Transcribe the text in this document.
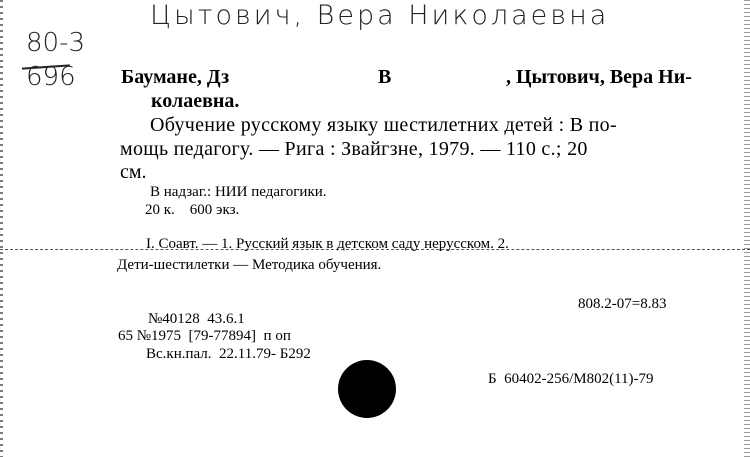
Цытович, Вера Николаевна
80-3
696 Бауманe, Дз	В	, Цытович, Вера Ни-
колаевна.
Обучение русскому языку шестилетних детей : В по-
мощь педагогу. — Рига : Звайгзне, 1979. — 110 с.; 20
см.
В надзаг.: НИИ педагогики.
20 к.    600 экз.
I. Соавт. — 1. Русский язык в детском саду нерусском. 2.
Дети-шестилетки — Методика обучения.
808.2-07=8.83
№40128  43.6.1
65 №1975  [79-77894]  п оп
Вс.кн.пал.  22.11.79- Б292
Б  60402-256/М802(11)-79
